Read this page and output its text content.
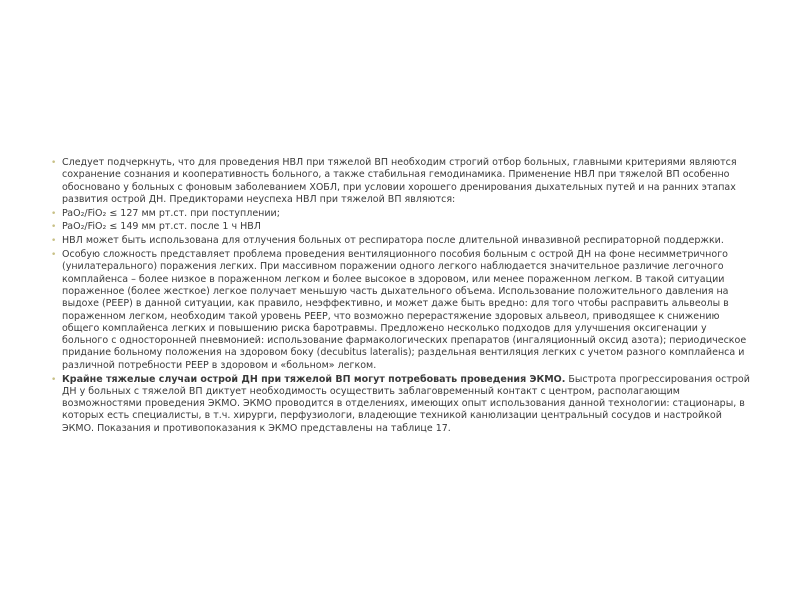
• Следует подчеркнуть, что для проведения НВЛ при тяжелой ВП необходим строгий отбор больных, главными критериями являются сохранение сознания и кооперативность больного, а также стабильная гемодинамика. Применение НВЛ при тяжелой ВП особенно обосновано у больных с фоновым заболеванием ХОБЛ, при условии хорошего дренирования дыхательных путей и на ранних этапах развития острой ДН. Предикторами неуспеха НВЛ при тяжелой ВП являются:
• PaO₂/FiO₂ ≤ 127 мм рт.ст. при поступлении;
• PaO₂/FiO₂ ≤ 149 мм рт.ст. после 1 ч НВЛ
• НВЛ может быть использована для отлучения больных от респиратора после длительной инвазивной респираторной поддержки.
• Особую сложность представляет проблема проведения вентиляционного пособия больным с острой ДН на фоне несимметричного (унилатерального) поражения легких. При массивном поражении одного легкого наблюдается значительное различие легочного комплайенса – более низкое в пораженном легком и более высокое в здоровом, или менее пораженном легком. В такой ситуации пораженное (более жесткое) легкое получает меньшую часть дыхательного объема. Использование положительного давления на выдохе (PEEP) в данной ситуации, как правило, неэффективно, и может даже быть вредно: для того чтобы расправить альвеолы в пораженном легком, необходим такой уровень PEEP, что возможно перерастяжение здоровых альвеол, приводящее к снижению общего комплайенса легких и повышению риска баротравмы. Предложено несколько подходов для улучшения оксигенации у больного с односторонней пневмонией: использование фармакологических препаратов (ингаляционный оксид азота); периодическое придание больному положения на здоровом боку (decubitus lateralis); раздельная вентиляция легких с учетом разного комплайенса и различной потребности PEEP в здоровом и «больном» легком.
• Крайне тяжелые случаи острой ДН при тяжелой ВП могут потребовать проведения ЭКМО. Быстрота прогрессирования острой ДН у больных с тяжелой ВП диктует необходимость осуществить заблаговременный контакт с центром, располагающим возможностями проведения ЭКМО. ЭКМО проводится в отделениях, имеющих опыт использования данной технологии: стационары, в которых есть специалисты, в т.ч. хирурги, перфузиологи, владеющие техникой канюлизации центральный сосудов и настройкой ЭКМО. Показания и противопоказания к ЭКМО представлены на таблице 17.
